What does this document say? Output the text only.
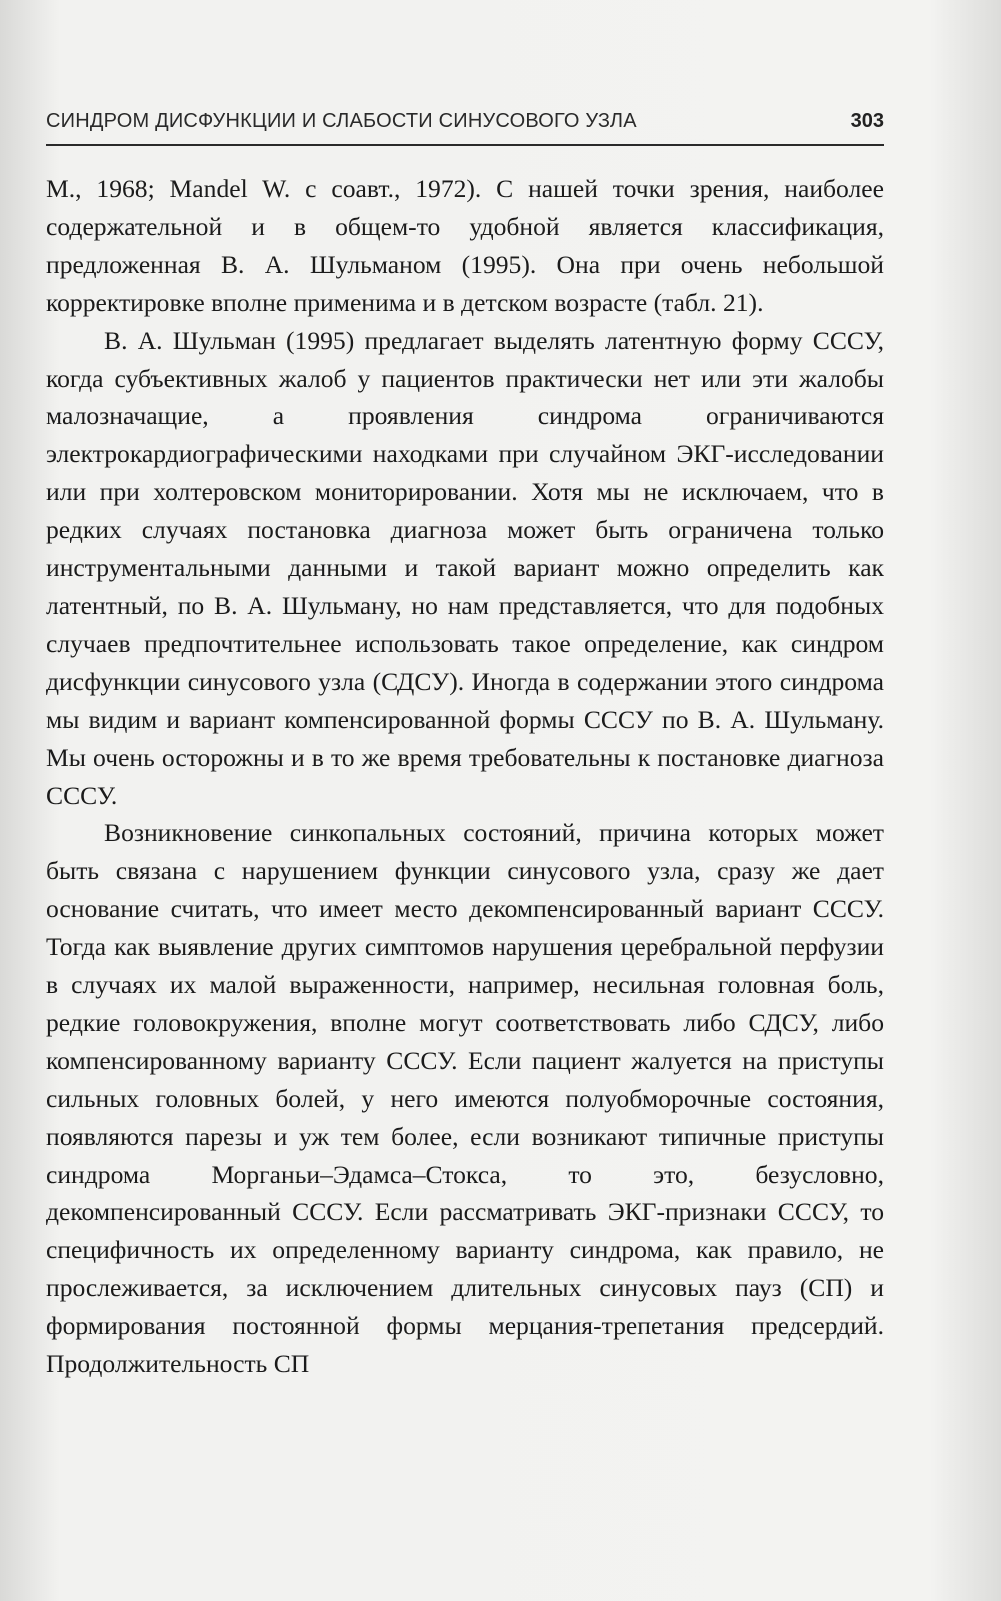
СИНДРОМ ДИСФУНКЦИИ И СЛАБОСТИ СИНУСОВОГО УЗЛА	303

М., 1968; Mandel W. с соавт., 1972). С нашей точки зрения, наиболее содержательной и в общем-то удобной является классификация, предложенная В. А. Шульманом (1995). Она при очень небольшой корректировке вполне применима и в детском возрасте (табл. 21).

В. А. Шульман (1995) предлагает выделять латентную форму СССУ, когда субъективных жалоб у пациентов практически нет или эти жалобы малозначащие, а проявления синдрома ограничиваются электрокардиографическими находками при случайном ЭКГ-исследовании или при холтеровском мониторировании. Хотя мы не исключаем, что в редких случаях постановка диагноза может быть ограничена только инструментальными данными и такой вариант можно определить как латентный, по В. А. Шульману, но нам представляется, что для подобных случаев предпочтительнее использовать такое определение, как синдром дисфункции синусового узла (СДСУ). Иногда в содержании этого синдрома мы видим и вариант компенсированной формы СССУ по В. А. Шульману. Мы очень осторожны и в то же время требовательны к постановке диагноза СССУ.

Возникновение синкопальных состояний, причина которых может быть связана с нарушением функции синусового узла, сразу же дает основание считать, что имеет место декомпенсированный вариант СССУ. Тогда как выявление других симптомов нарушения церебральной перфузии в случаях их малой выраженности, например, несильная головная боль, редкие головокружения, вполне могут соответствовать либо СДСУ, либо компенсированному варианту СССУ. Если пациент жалуется на приступы сильных головных болей, у него имеются полуобморочные состояния, появляются парезы и уж тем более, если возникают типичные приступы синдрома Морганьи–Эдамса–Стокса, то это, безусловно, декомпенсированный СССУ. Если рассматривать ЭКГ-признаки СССУ, то специфичность их определенному варианту синдрома, как правило, не прослеживается, за исключением длительных синусовых пауз (СП) и формирования постоянной формы мерцания-трепетания предсердий. Продолжительность СП
